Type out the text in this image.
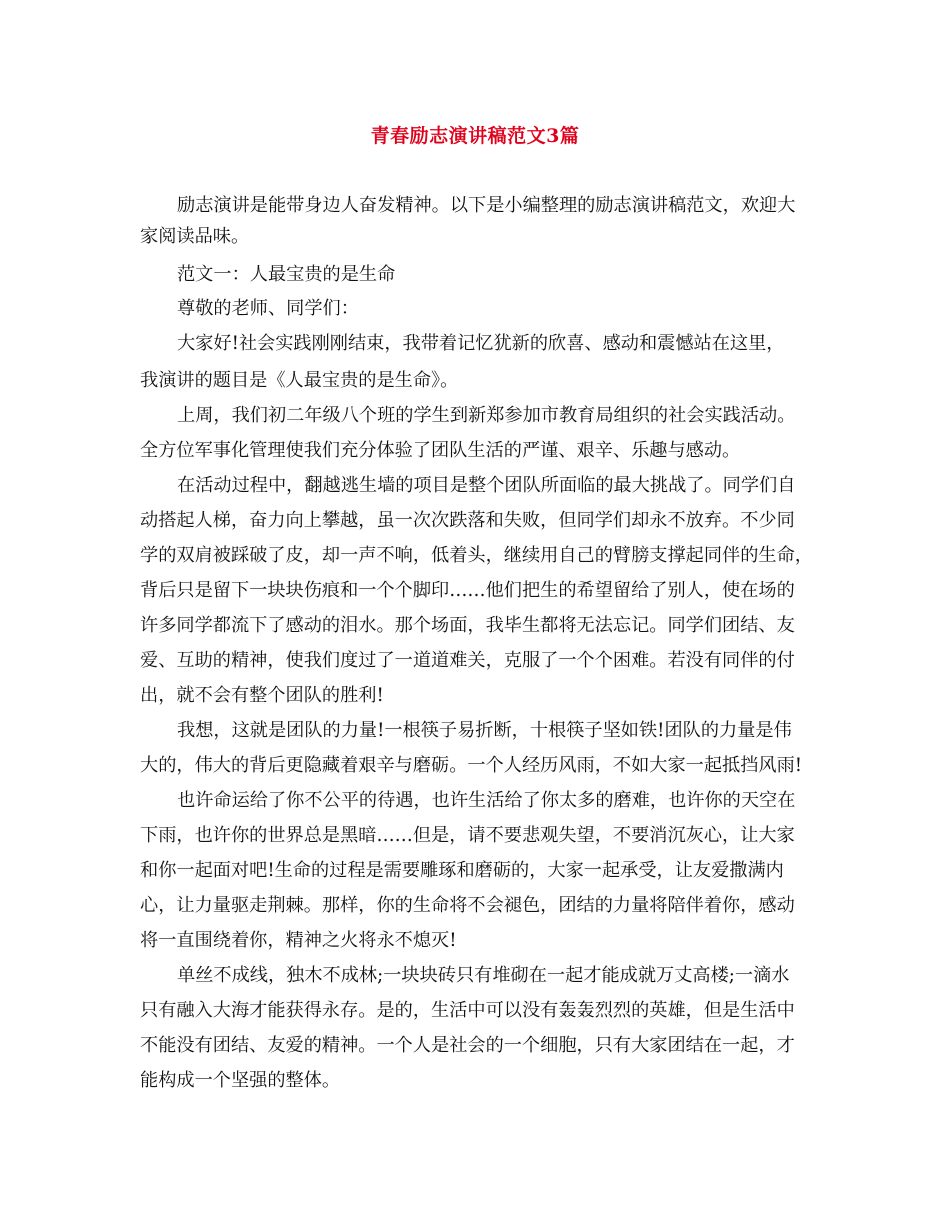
青春励志演讲稿范文3篇
励志演讲是能带身边人奋发精神。以下是小编整理的励志演讲稿范文，欢迎大
家阅读品味。
范文一：人最宝贵的是生命
尊敬的老师、同学们：
大家好!社会实践刚刚结束，我带着记忆犹新的欣喜、感动和震憾站在这里，
我演讲的题目是《人最宝贵的是生命》。
上周，我们初二年级八个班的学生到新郑参加市教育局组织的社会实践活动。
全方位军事化管理使我们充分体验了团队生活的严谨、艰辛、乐趣与感动。
在活动过程中，翻越逃生墙的项目是整个团队所面临的最大挑战了。同学们自
动搭起人梯，奋力向上攀越，虽一次次跌落和失败，但同学们却永不放弃。不少同
学的双肩被踩破了皮，却一声不响，低着头，继续用自己的臂膀支撑起同伴的生命，
背后只是留下一块块伤痕和一个个脚印……他们把生的希望留给了别人，使在场的
许多同学都流下了感动的泪水。那个场面，我毕生都将无法忘记。同学们团结、友
爱、互助的精神，使我们度过了一道道难关，克服了一个个困难。若没有同伴的付
出，就不会有整个团队的胜利!
我想，这就是团队的力量!一根筷子易折断，十根筷子坚如铁!团队的力量是伟
大的，伟大的背后更隐藏着艰辛与磨砺。一个人经历风雨，不如大家一起抵挡风雨!
也许命运给了你不公平的待遇，也许生活给了你太多的磨难，也许你的天空在
下雨，也许你的世界总是黑暗……但是，请不要悲观失望，不要消沉灰心，让大家
和你一起面对吧!生命的过程是需要雕琢和磨砺的，大家一起承受，让友爱撒满内
心，让力量驱走荆棘。那样，你的生命将不会褪色，团结的力量将陪伴着你，感动
将一直围绕着你，精神之火将永不熄灭!
单丝不成线，独木不成林;一块块砖只有堆砌在一起才能成就万丈高楼;一滴水
只有融入大海才能获得永存。是的，生活中可以没有轰轰烈烈的英雄，但是生活中
不能没有团结、友爱的精神。一个人是社会的一个细胞，只有大家团结在一起，才
能构成一个坚强的整体。
